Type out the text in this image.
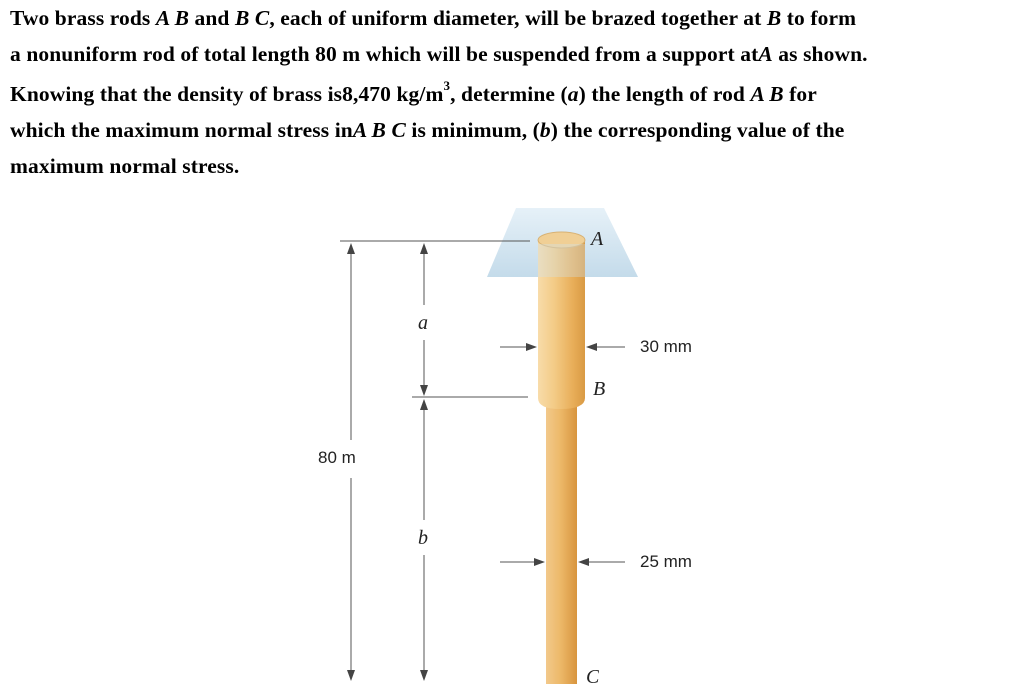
Two brass rods A B and B C, each of uniform diameter, will be brazed together at B to form
a nonuniform rod of total length 80 m which will be suspended from a support atA as shown.
Knowing that the density of brass is8,470 $kg/m^3$, determine (a) the length of rod A B for
which the maximum normal stress inA B C is minimum, (b) the corresponding value of the
maximum normal stress.
A
B
C
a
b
80 m
30 mm
25 mm
